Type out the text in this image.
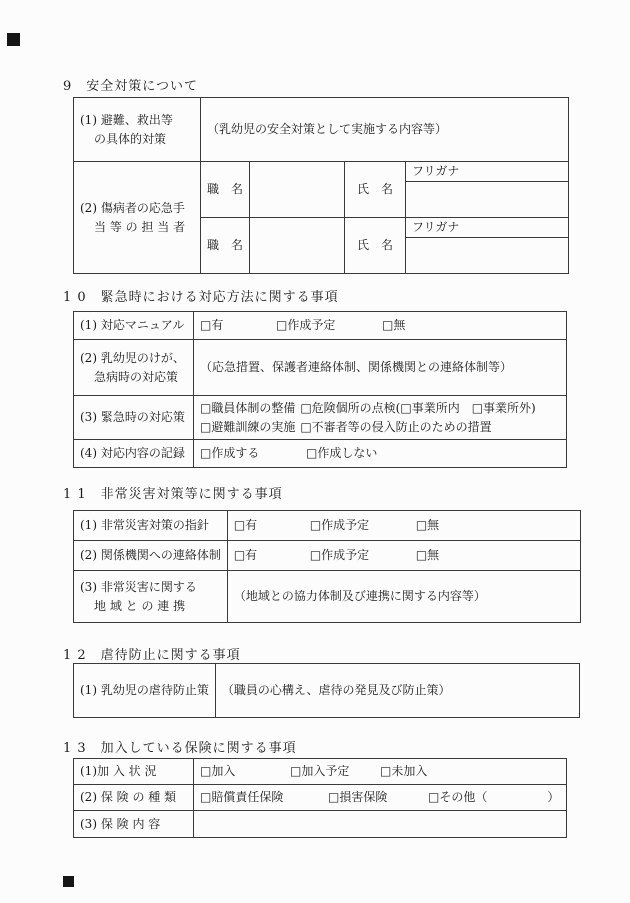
9　安全対策について
(1) 避難、救出等
の具体的対策	（乳幼児の安全対策として実施する内容等）			

(2) 傷病者の応急手
当 等 の 担 当 者	職　名		氏　名	フリガナ

	職　名		氏　名	フリガナ

1 0　緊急時における対応方法に関する事項
(1) 対応マニュアル	□有 □作成予定 □無

(2) 乳幼児のけが、
急病時の対応策	（応急措置、保護者連絡体制、関係機関との連絡体制等）
(3) 緊急時の対応策	□職員体制の整備 □危険個所の点検(□事業所内　□事業所外)
□避難訓練の実施 □不審者等の侵入防止のための措置

(4) 対応内容の記録	□作成する □作成しない
1 1　非常災害対策等に関する事項
(1) 非常災害対策の指針	□有 □作成予定 □無
(2) 関係機関への連絡体制	□有 □作成予定 □無

(3) 非常災害に関する
地 域 と の 連 携	（地域との協力体制及び連携に関する内容等）
1 2　虐待防止に関する事項
(1) 乳幼児の虐待防止策	（職員の心構え、虐待の発見及び防止策）
1 3　加入している保険に関する事項
(1)加 入 状 況	□加入 □加入予定 □未加入
(2) 保 険 の 種 類	□賠償責任保険 □損害保険 □その他（　　　　　）
(3) 保 険 内 容	
